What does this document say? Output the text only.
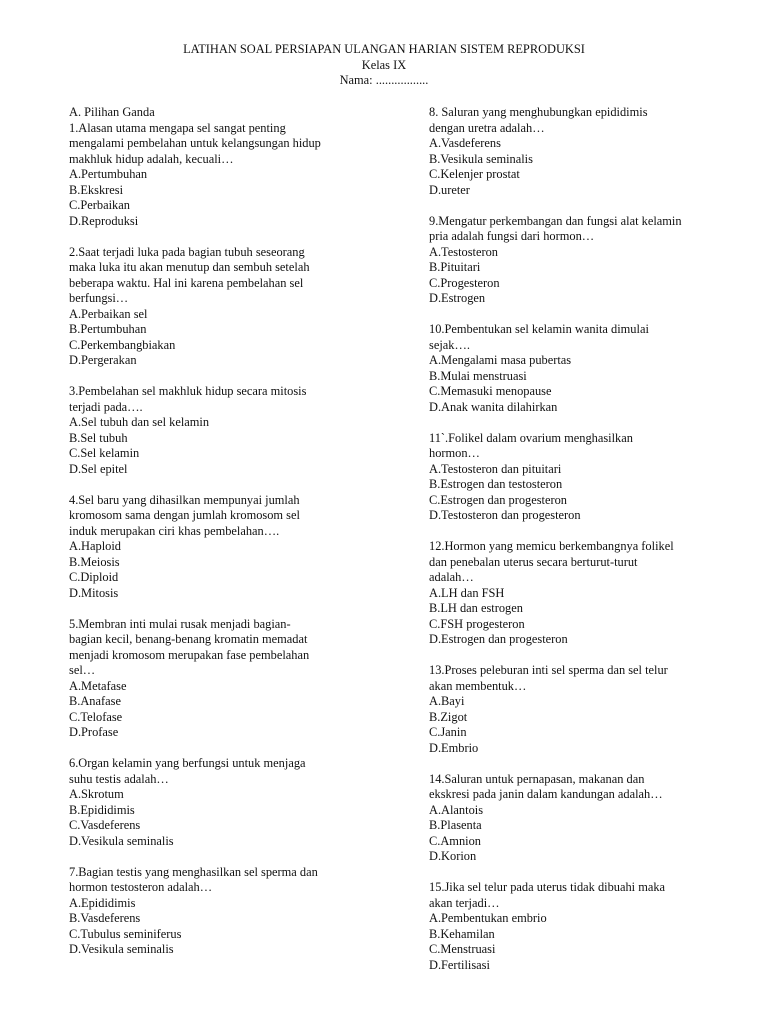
LATIHAN SOAL PERSIAPAN ULANGAN HARIAN SISTEM REPRODUKSI
Kelas IX
Nama: .................
A. Pilihan Ganda
1.Alasan utama mengapa sel sangat penting
mengalami pembelahan untuk kelangsungan hidup
makhluk hidup adalah, kecuali…
A.Pertumbuhan
B.Ekskresi
C.Perbaikan
D.Reproduksi
2.Saat terjadi luka pada bagian tubuh seseorang
maka luka itu akan menutup dan sembuh setelah
beberapa waktu. Hal ini karena pembelahan sel
berfungsi…
A.Perbaikan sel
B.Pertumbuhan
C.Perkembangbiakan
D.Pergerakan
3.Pembelahan sel makhluk hidup secara mitosis
terjadi pada….
A.Sel tubuh dan sel kelamin
B.Sel tubuh
C.Sel kelamin
D.Sel epitel
4.Sel baru yang dihasilkan mempunyai jumlah
kromosom sama dengan jumlah kromosom sel
induk merupakan ciri khas pembelahan….
A.Haploid
B.Meiosis
C.Diploid
D.Mitosis
5.Membran inti mulai rusak menjadi bagian-
bagian kecil, benang-benang kromatin memadat
menjadi kromosom merupakan fase pembelahan
sel…
A.Metafase
B.Anafase
C.Telofase
D.Profase
6.Organ kelamin yang berfungsi untuk menjaga
suhu testis adalah…
A.Skrotum
B.Epididimis
C.Vasdeferens
D.Vesikula seminalis
7.Bagian testis yang menghasilkan sel sperma dan
hormon testosteron adalah…
A.Epididimis
B.Vasdeferens
C.Tubulus seminiferus
D.Vesikula seminalis
8. Saluran yang menghubungkan epididimis
dengan uretra adalah…
A.Vasdeferens
B.Vesikula seminalis
C.Kelenjer prostat
D.ureter
9.Mengatur perkembangan dan fungsi alat kelamin
pria adalah fungsi dari hormon…
A.Testosteron
B.Pituitari
C.Progesteron
D.Estrogen
10.Pembentukan sel kelamin wanita dimulai
sejak….
A.Mengalami masa pubertas
B.Mulai menstruasi
C.Memasuki menopause
D.Anak wanita dilahirkan
11`.Folikel dalam ovarium menghasilkan
hormon…
A.Testosteron dan pituitari
B.Estrogen dan testosteron
C.Estrogen dan progesteron
D.Testosteron dan progesteron
12.Hormon yang memicu berkembangnya folikel
dan penebalan uterus secara berturut-turut
adalah…
A.LH dan FSH
B.LH dan estrogen
C.FSH progesteron
D.Estrogen dan progesteron
13.Proses peleburan inti sel sperma dan sel telur
akan membentuk…
A.Bayi
B.Zigot
C.Janin
D.Embrio
14.Saluran untuk pernapasan, makanan dan
ekskresi pada janin dalam kandungan adalah…
A.Alantois
B.Plasenta
C.Amnion
D.Korion
15.Jika sel telur pada uterus tidak dibuahi maka
akan terjadi…
A.Pembentukan embrio
B.Kehamilan
C.Menstruasi
D.Fertilisasi
